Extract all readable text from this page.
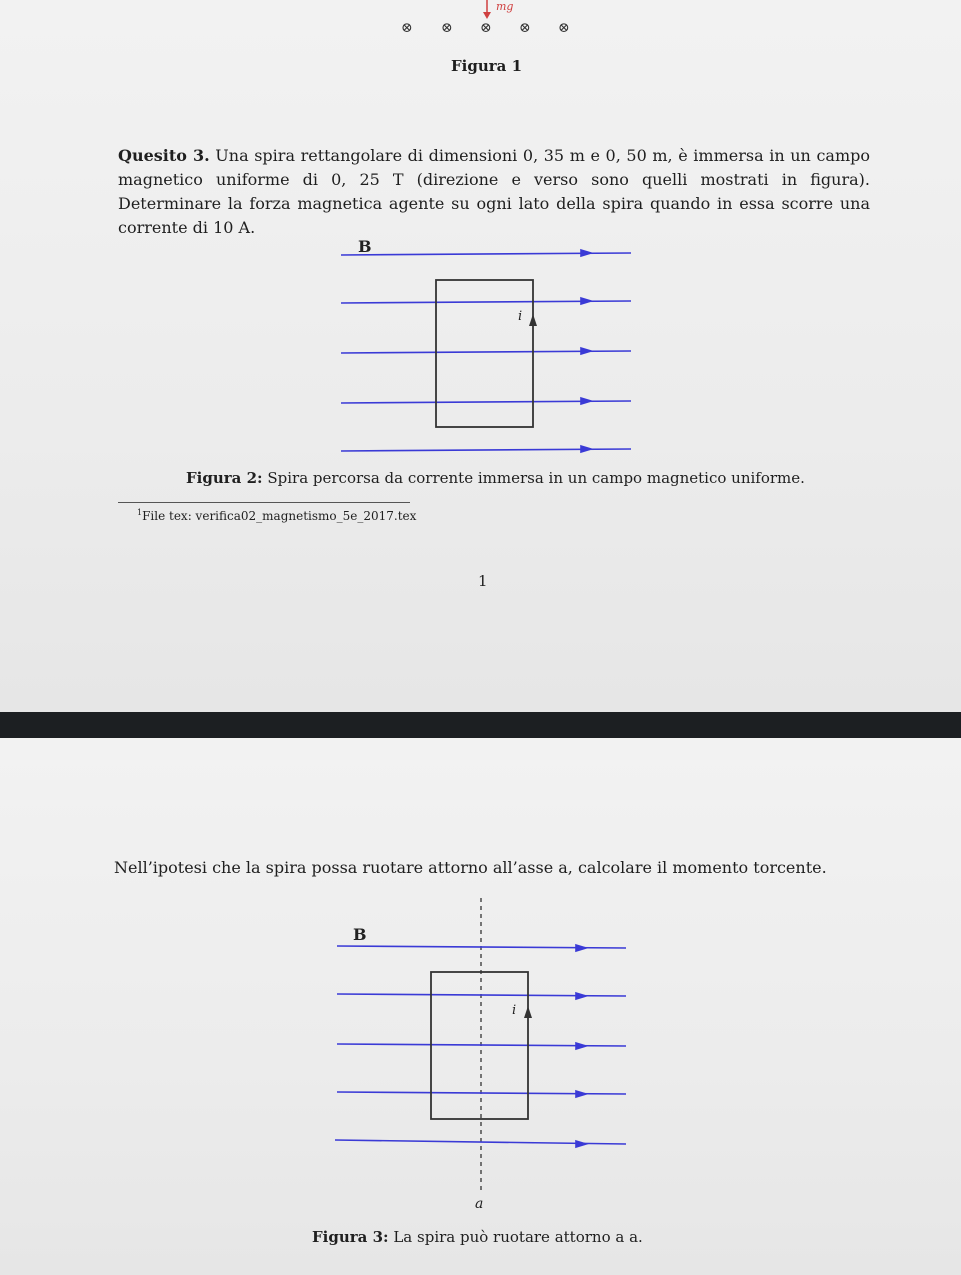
⊗ ⊗ ⊗ ⊗ ⊗
mg
Figura 1
Quesito 3. Una spira rettangolare di dimensioni 0, 35 m e 0, 50 m, è immersa in un campo magnetico uniforme di 0, 25 T (direzione e verso sono quelli mostrati in figura). Determinare la forza magnetica agente su ogni lato della spira quando in essa scorre una corrente di 10 A.
B
i
Figura 2: Spira percorsa da corrente immersa in un campo magnetico uniforme.
$^1$File tex: verifica02_magnetismo_5e_2017.tex
1
Nell’ipotesi che la spira possa ruotare attorno all’asse a, calcolare il momento torcente.
B
i
a
Figura 3: La spira può ruotare attorno a a.
